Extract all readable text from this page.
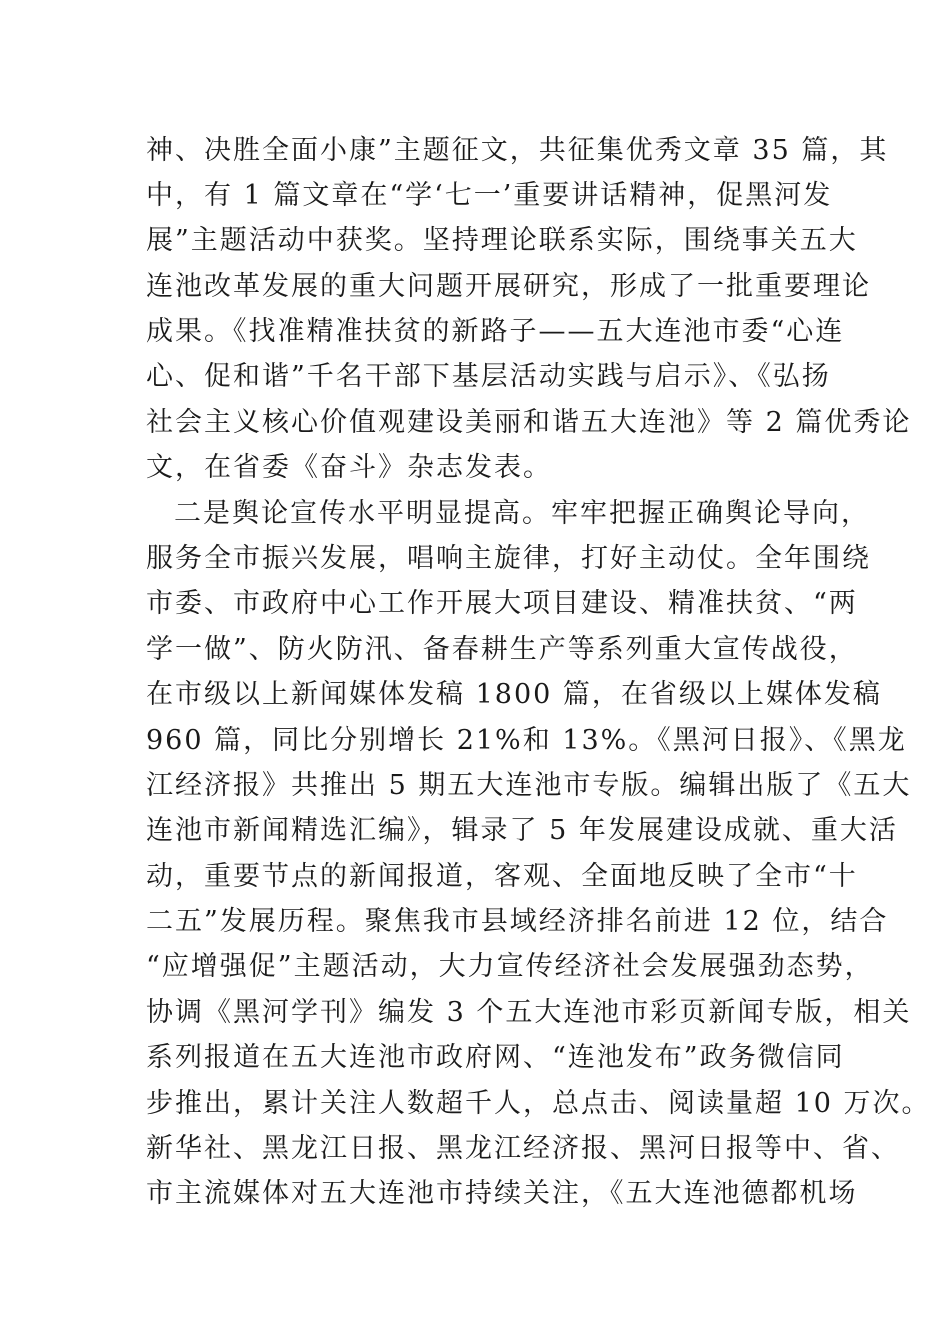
神、决胜全面小康”主题征文，共征集优秀文章 35 篇，其
中，有 1 篇文章在“学‘七一’重要讲话精神，促黑河发
展”主题活动中获奖。坚持理论联系实际，围绕事关五大
连池改革发展的重大问题开展研究，形成了一批重要理论
成果。《找准精准扶贫的新路子——五大连池市委“心连
心、促和谐”千名干部下基层活动实践与启示》、《弘扬
社会主义核心价值观建设美丽和谐五大连池》等 2 篇优秀论
文，在省委《奋斗》杂志发表。
二是舆论宣传水平明显提高。牢牢把握正确舆论导向，
服务全市振兴发展，唱响主旋律，打好主动仗。全年围绕
市委、市政府中心工作开展大项目建设、精准扶贫、“两
学一做”、防火防汛、备春耕生产等系列重大宣传战役，
在市级以上新闻媒体发稿 1800 篇，在省级以上媒体发稿
960 篇，同比分别增长 21%和 13%。《黑河日报》、《黑龙
江经济报》共推出 5 期五大连池市专版。编辑出版了《五大
连池市新闻精选汇编》，辑录了 5 年发展建设成就、重大活
动，重要节点的新闻报道，客观、全面地反映了全市“十
二五”发展历程。聚焦我市县域经济排名前进 12 位，结合
“应增强促”主题活动，大力宣传经济社会发展强劲态势，
协调《黑河学刊》编发 3 个五大连池市彩页新闻专版，相关
系列报道在五大连池市政府网、“连池发布”政务微信同
步推出，累计关注人数超千人，总点击、阅读量超 10 万次。
新华社、黑龙江日报、黑龙江经济报、黑河日报等中、省、
市主流媒体对五大连池市持续关注，《五大连池德都机场
